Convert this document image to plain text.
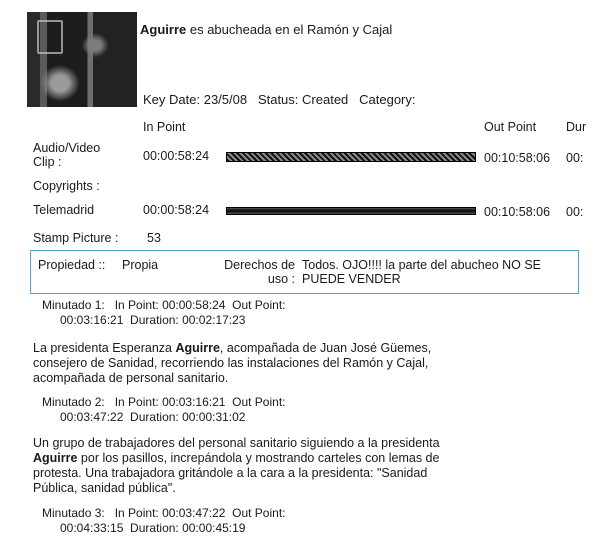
Aguirre es abucheada en el Ramón y Cajal
Key Date: 23/5/08 Status: Created Category:
In Point	Out Point Dur
Audio/Video
Clip :	00:00:58:24	00:10:58:06 00:
Copyrights :
Telemadrid	00:00:58:24	00:10:58:06 00:
Stamp Picture : 53
Propiedad :: Propia	Derechos de
uso :
Todos. OJO!!!! la parte del abucheo NO SE
PUEDE VENDER
Minutado 1:   In Point: 00:00:58:24  Out Point:
00:03:16:21  Duration: 00:02:17:23
La presidenta Esperanza Aguirre, acompañada de Juan José Güemes, consejero de Sanidad, recorriendo las instalaciones del Ramón y Cajal, acompañada de personal sanitario.
Minutado 2:   In Point: 00:03:16:21  Out Point:
00:03:47:22  Duration: 00:00:31:02
Un grupo de trabajadores del personal sanitario siguiendo a la presidenta Aguirre por los pasillos, increpándola y mostrando carteles con lemas de protesta. Una trabajadora gritándole a la cara a la presidenta: "Sanidad Pública, sanidad pública".
Minutado 3:   In Point: 00:03:47:22  Out Point:
00:04:33:15  Duration: 00:00:45:19
